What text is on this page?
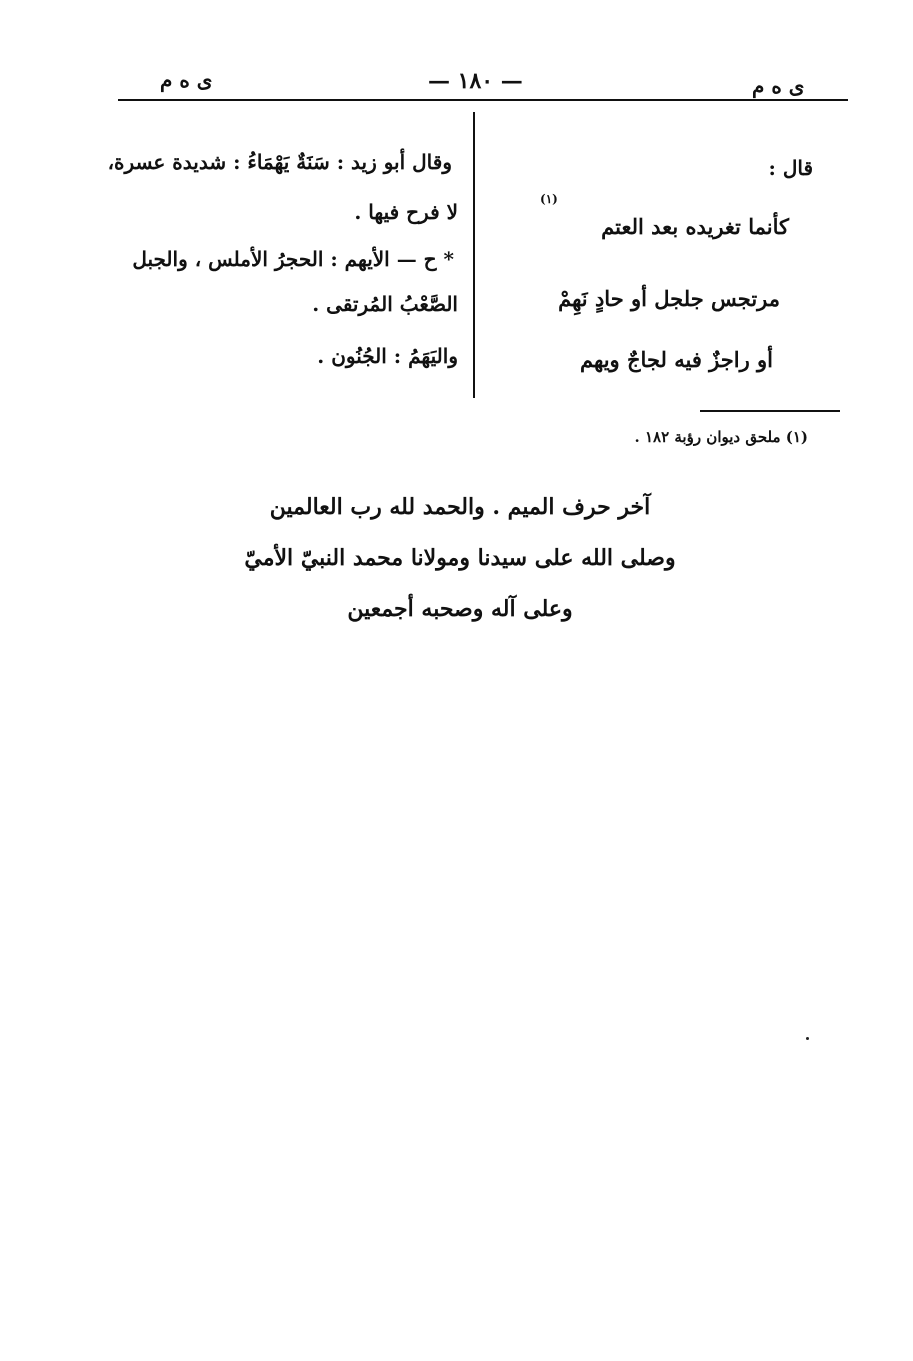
ى ه م
— ١٨٠ —
ى ه م
قال :
(١)
كأنما تغريده بعد العتم
مرتجس جلجل أو حادٍ نَهِمْ
أو راجزٌ فيه لجاجٌ ويهم
وقال أبو زيد : سَنَةٌ يَهْمَاءُ : شديدة عسرة،
لا فرح فيها .
* ح — الأيهم : الحجرُ الأملس ، والجبل
الصَّعْبُ المُرتقى .
واليَهَمُ : الجُنُون .
(١) ملحق ديوان رؤبة ١٨٢ .
آخر حرف الميم . والحمد لله رب العالمين
وصلى الله على سيدنا ومولانا محمد النبيّ الأميّ
وعلى آله وصحبه أجمعين
